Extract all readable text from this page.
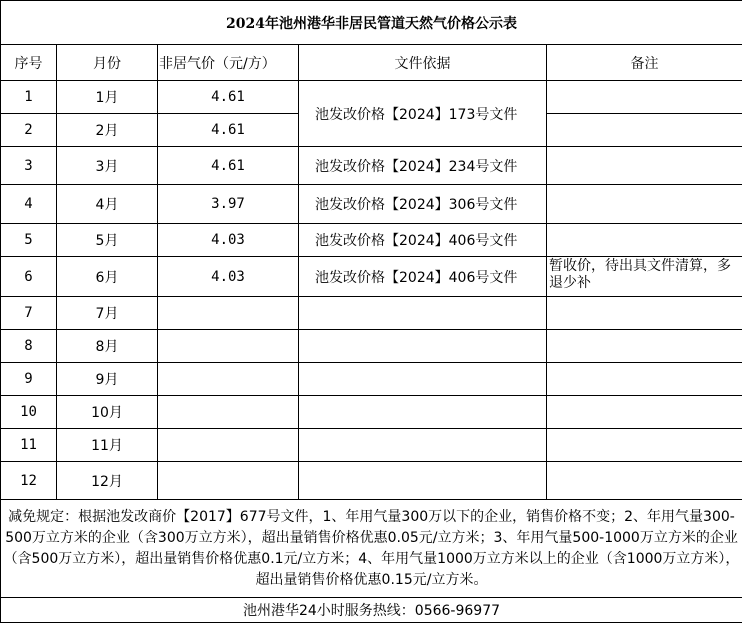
2024年池州港华非居民管道天然气价格公示表				
序号	月份	非居气价（元/方）	文件依据	备注
1	1月	4.61	池发改价格【2024】173号文件	
2	2月	4.61		
3	3月	4.61	池发改价格【2024】234号文件	
4	4月	3.97	池发改价格【2024】306号文件	
5	5月	4.03	池发改价格【2024】406号文件	
6	6月	4.03	池发改价格【2024】406号文件	暂收价，待出具文件清算，多退少补
7	7月			
8	8月			
9	9月			
10	10月			
11	11月			
12	12月			
减免规定：根据池发改商价【2017】677号文件，1、年用气量300万以下的企业，销售价格不变；2、年用气量300-500万立方米的企业（含300万立方米），超出量销售价格优惠0.05元/立方米；3、年用气量500-1000万立方米的企业（含500万立方米），超出量销售价格优惠0.1元/立方米；4、年用气量1000万立方米以上的企业（含1000万立方米），超出量销售价格优惠0.15元/立方米。				
池州港华24小时服务热线：0566-96977				
